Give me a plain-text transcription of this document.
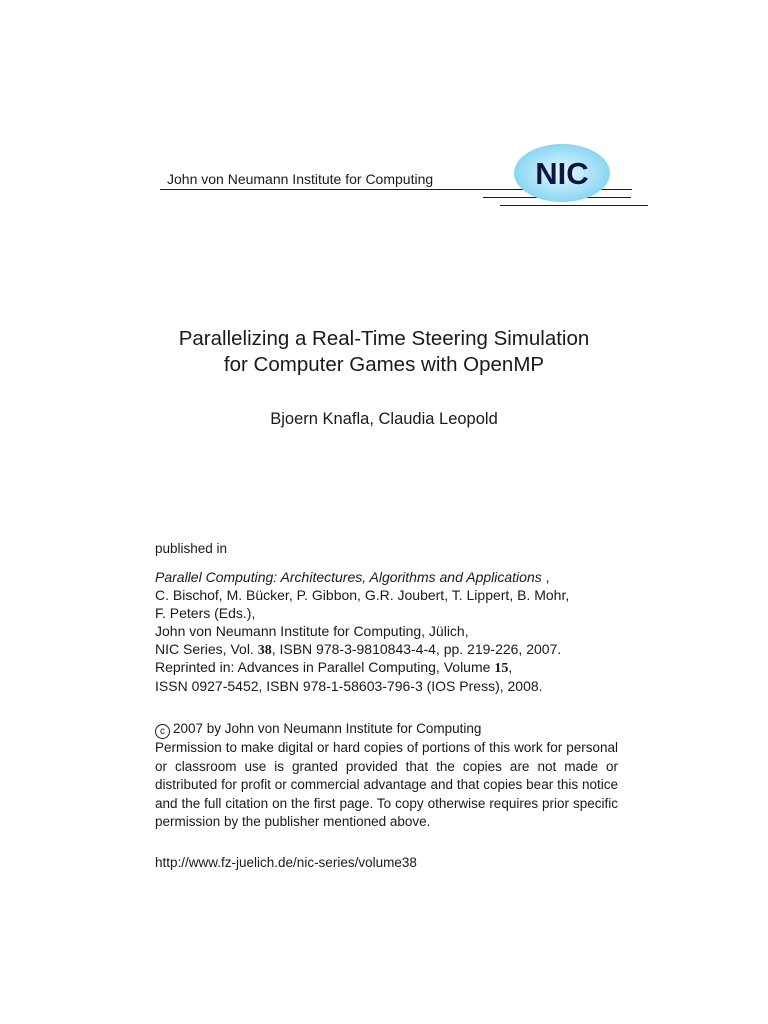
John von Neumann Institute for Computing	NIC
Parallelizing a Real-Time Steering Simulation
for Computer Games with OpenMP
Bjoern Knafla, Claudia Leopold
published in
Parallel Computing: Architectures, Algorithms and Applications ,
C. Bischof, M. Bücker, P. Gibbon, G.R. Joubert, T. Lippert, B. Mohr,
F. Peters (Eds.),
John von Neumann Institute for Computing, Jülich,
NIC Series, Vol. 38, ISBN 978-3-9810843-4-4, pp. 219-226, 2007.
Reprinted in: Advances in Parallel Computing, Volume 15,
ISSN 0927-5452, ISBN 978-1-58603-796-3 (IOS Press), 2008.
c 2007 by John von Neumann Institute for Computing
Permission to make digital or hard copies of portions of this work for personal or classroom use is granted provided that the copies are not made or distributed for profit or commercial advantage and that copies bear this notice and the full citation on the first page. To copy otherwise requires prior specific permission by the publisher mentioned above.
http://www.fz-juelich.de/nic-series/volume38
